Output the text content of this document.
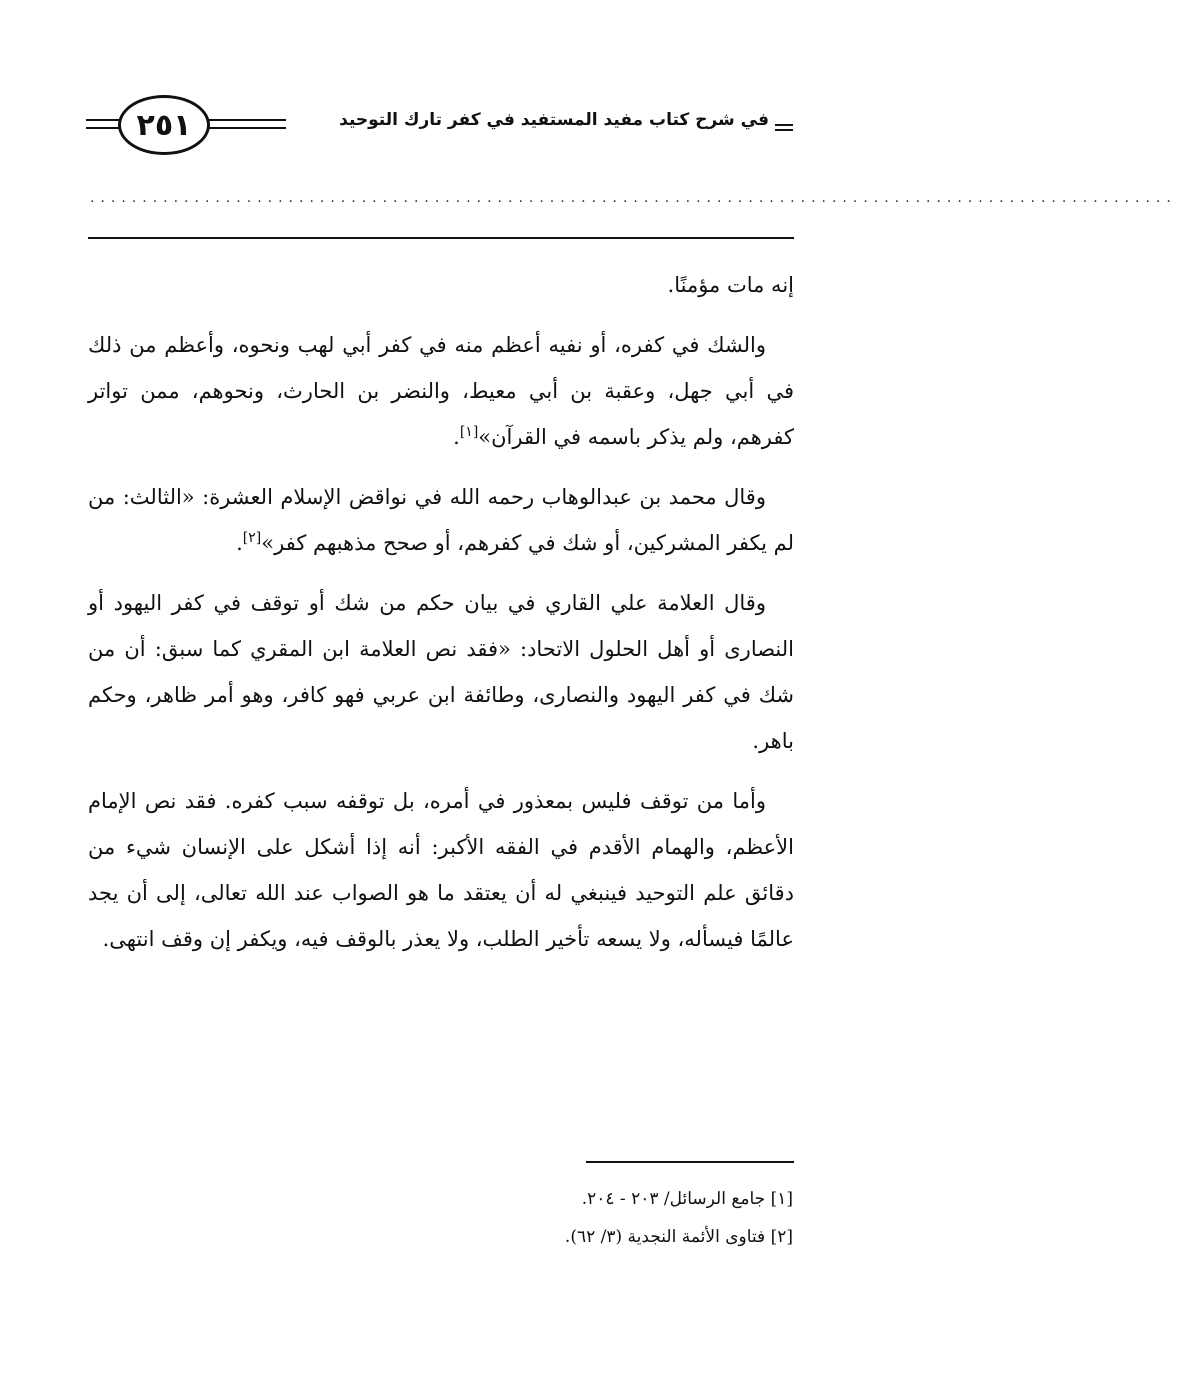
٢٥١	في شرح كتاب مفيد المستفيد في كفر تارك التوحيد
........................................................................................................

إنه مات مؤمنًا.

والشك في كفره، أو نفيه أعظم منه في كفر أبي لهب ونحوه، وأعظم من ذلك في أبي جهل، وعقبة بن أبي معيط، والنضر بن الحارث، ونحوهم، ممن تواتر كفرهم، ولم يذكر باسمه في القرآن»[١].

وقال محمد بن عبدالوهاب رحمه الله في نواقض الإسلام العشرة: «الثالث: من لم يكفر المشركين، أو شك في كفرهم، أو صحح مذهبهم كفر»[٢].

وقال العلامة علي القاري في بيان حكم من شك أو توقف في كفر اليهود أو النصارى أو أهل الحلول الاتحاد: «فقد نص العلامة ابن المقري كما سبق: أن من شك في كفر اليهود والنصارى، وطائفة ابن عربي فهو كافر، وهو أمر ظاهر، وحكم باهر.

وأما من توقف فليس بمعذور في أمره، بل توقفه سبب كفره. فقد نص الإمام الأعظم، والهمام الأقدم في الفقه الأكبر: أنه إذا أشكل على الإنسان شيء من دقائق علم التوحيد فينبغي له أن يعتقد ما هو الصواب عند الله تعالى، إلى أن يجد عالمًا فيسأله، ولا يسعه تأخير الطلب، ولا يعذر بالوقف فيه، ويكفر إن وقف انتهى.

[١] جامع الرسائل/ ٢٠٣ - ٢٠٤.
[٢] فتاوى الأئمة النجدية (٣/ ٦٢).
